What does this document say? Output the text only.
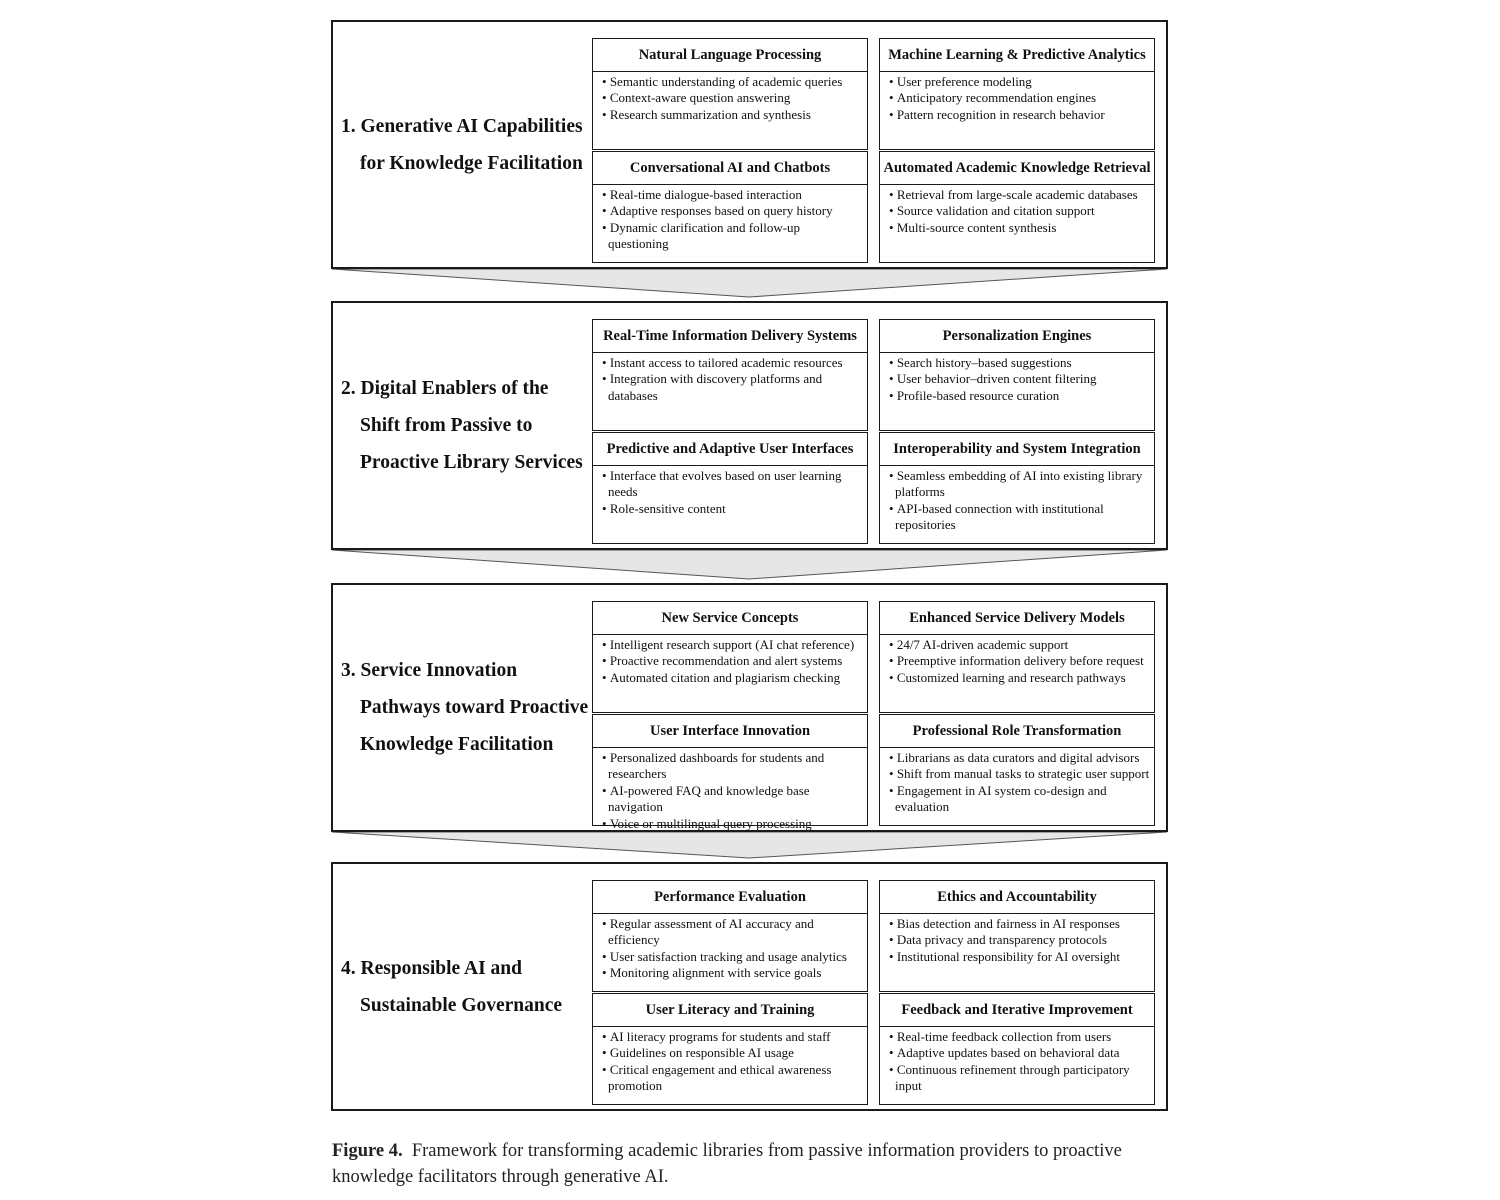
1. Generative AI Capabilities
for Knowledge Facilitation
Natural Language Processing
• Semantic understanding of academic queries
• Context-aware question answering
• Research summarization and synthesis
Machine Learning & Predictive Analytics
• User preference modeling
• Anticipatory recommendation engines
• Pattern recognition in research behavior
Conversational AI and Chatbots
• Real-time dialogue-based interaction
• Adaptive responses based on query history
• Dynamic clarification and follow-up questioning
Automated Academic Knowledge Retrieval
• Retrieval from large-scale academic databases
• Source validation and citation support
• Multi-source content synthesis
2. Digital Enablers of the
Shift from Passive to
Proactive Library Services
Real-Time Information Delivery Systems
• Instant access to tailored academic resources
• Integration with discovery platforms and databases
Personalization Engines
• Search history–based suggestions
• User behavior–driven content filtering
• Profile-based resource curation
Predictive and Adaptive User Interfaces
• Interface that evolves based on user learning needs
• Role-sensitive content
Interoperability and System Integration
• Seamless embedding of AI into existing library platforms
• API-based connection with institutional repositories
3. Service Innovation
Pathways toward Proactive
Knowledge Facilitation
New Service Concepts
• Intelligent research support (AI chat reference)
• Proactive recommendation and alert systems
• Automated citation and plagiarism checking
Enhanced Service Delivery Models
• 24/7 AI-driven academic support
• Preemptive information delivery before request
• Customized learning and research pathways
User Interface Innovation
• Personalized dashboards for students and researchers
• AI-powered FAQ and knowledge base navigation
• Voice or multilingual query processing
Professional Role Transformation
• Librarians as data curators and digital advisors
• Shift from manual tasks to strategic user support
• Engagement in AI system co-design and evaluation
4. Responsible AI and
Sustainable Governance
Performance Evaluation
• Regular assessment of AI accuracy and efficiency
• User satisfaction tracking and usage analytics
• Monitoring alignment with service goals
Ethics and Accountability
• Bias detection and fairness in AI responses
• Data privacy and transparency protocols
• Institutional responsibility for AI oversight
User Literacy and Training
• AI literacy programs for students and staff
• Guidelines on responsible AI usage
• Critical engagement and ethical awareness promotion
Feedback and Iterative Improvement
• Real-time feedback collection from users
• Adaptive updates based on behavioral data
• Continuous refinement through participatory input
Figure 4. Framework for transforming academic libraries from passive information providers to proactive knowledge facilitators through generative AI.
